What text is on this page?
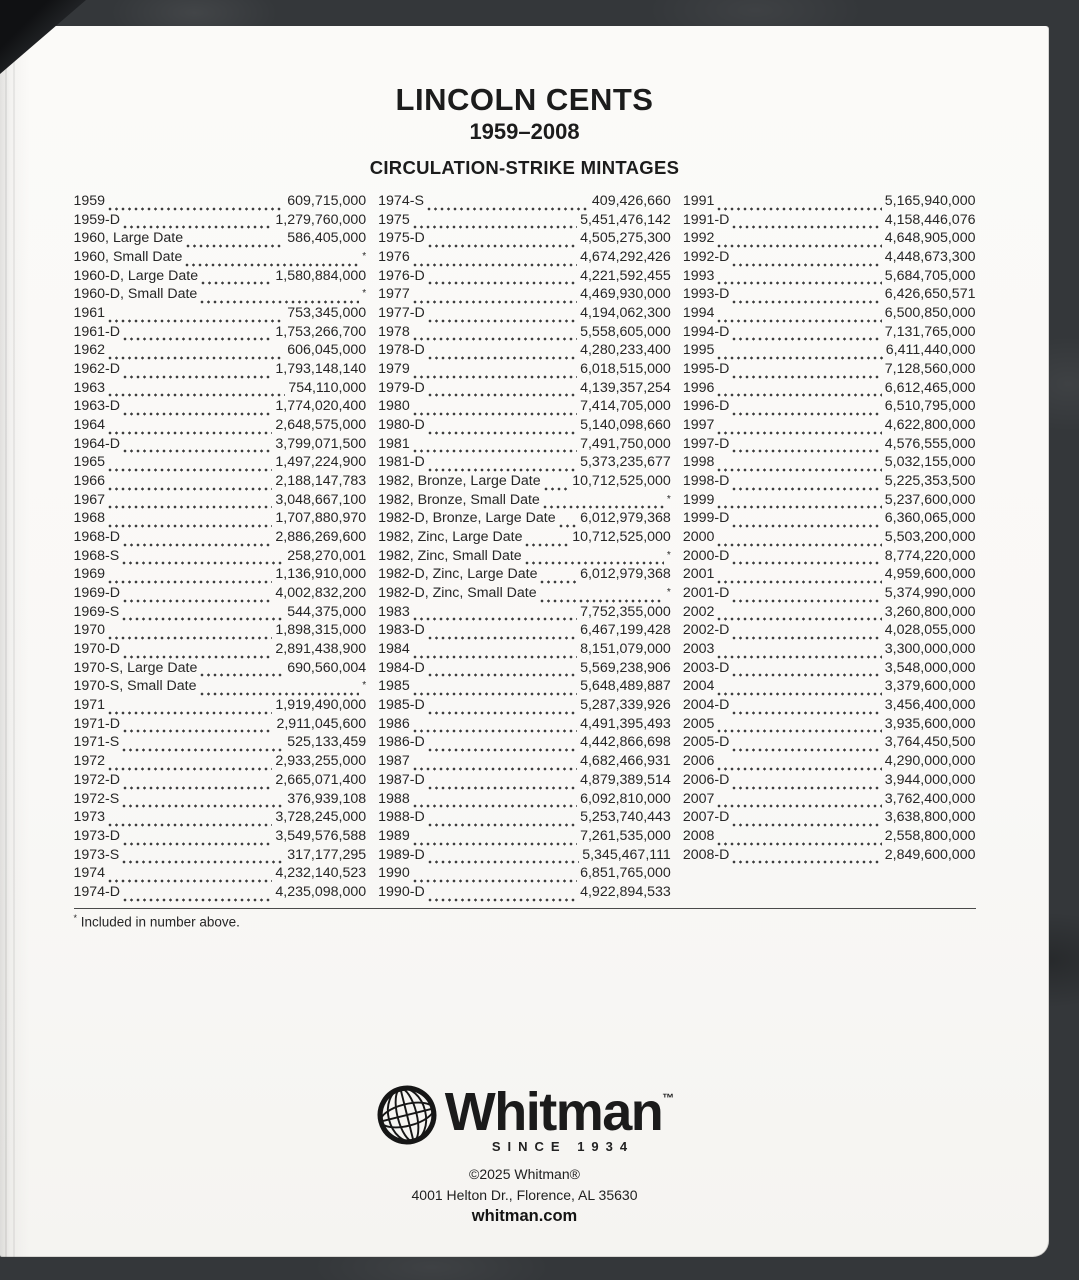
LINCOLN CENTS
1959–2008
CIRCULATION-STRIKE MINTAGES
1959	609,715,000
1959-D	1,279,760,000
1960, Large Date	586,405,000
1960, Small Date	*
1960-D, Large Date	1,580,884,000
1960-D, Small Date	*
1961	753,345,000
1961-D	1,753,266,700
1962	606,045,000
1962-D	1,793,148,140
1963	754,110,000
1963-D	1,774,020,400
1964	2,648,575,000
1964-D	3,799,071,500
1965	1,497,224,900
1966	2,188,147,783
1967	3,048,667,100
1968	1,707,880,970
1968-D	2,886,269,600
1968-S	258,270,001
1969	1,136,910,000
1969-D	4,002,832,200
1969-S	544,375,000
1970	1,898,315,000
1970-D	2,891,438,900
1970-S, Large Date	690,560,004
1970-S, Small Date	*
1971	1,919,490,000
1971-D	2,911,045,600
1971-S	525,133,459
1972	2,933,255,000
1972-D	2,665,071,400
1972-S	376,939,108
1973	3,728,245,000
1973-D	3,549,576,588
1973-S	317,177,295
1974	4,232,140,523
1974-D	4,235,098,000
1974-S	409,426,660
1975	5,451,476,142
1975-D	4,505,275,300
1976	4,674,292,426
1976-D	4,221,592,455
1977	4,469,930,000
1977-D	4,194,062,300
1978	5,558,605,000
1978-D	4,280,233,400
1979	6,018,515,000
1979-D	4,139,357,254
1980	7,414,705,000
1980-D	5,140,098,660
1981	7,491,750,000
1981-D	5,373,235,677
1982, Bronze, Large Date 10,712,525,000
1982, Bronze, Small Date	*
1982-D, Bronze, Large Date 6,012,979,368
1982, Zinc, Large Date	10,712,525,000
1982, Zinc, Small Date	*
1982-D, Zinc, Large Date	6,012,979,368
1982-D, Zinc, Small Date	*
1983	7,752,355,000
1983-D	6,467,199,428
1984	8,151,079,000
1984-D	5,569,238,906
1985	5,648,489,887
1985-D	5,287,339,926
1986	4,491,395,493
1986-D	4,442,866,698
1987	4,682,466,931
1987-D	4,879,389,514
1988	6,092,810,000
1988-D	5,253,740,443
1989	7,261,535,000
1989-D	5,345,467,111
1990	6,851,765,000
1990-D	4,922,894,533
1991	5,165,940,000
1991-D	4,158,446,076
1992	4,648,905,000
1992-D	4,448,673,300
1993	5,684,705,000
1993-D	6,426,650,571
1994	6,500,850,000
1994-D	7,131,765,000
1995	6,411,440,000
1995-D	7,128,560,000
1996	6,612,465,000
1996-D	6,510,795,000
1997	4,622,800,000
1997-D	4,576,555,000
1998	5,032,155,000
1998-D	5,225,353,500
1999	5,237,600,000
1999-D	6,360,065,000
2000	5,503,200,000
2000-D	8,774,220,000
2001	4,959,600,000
2001-D	5,374,990,000
2002	3,260,800,000
2002-D	4,028,055,000
2003	3,300,000,000
2003-D	3,548,000,000
2004	3,379,600,000
2004-D	3,456,400,000
2005	3,935,600,000
2005-D	3,764,450,500
2006	4,290,000,000
2006-D	3,944,000,000
2007	3,762,400,000
2007-D	3,638,800,000
2008	2,558,800,000
2008-D	2,849,600,000
* Included in number above.
Whitman™
SINCE 1934
©2025 Whitman®
4001 Helton Dr., Florence, AL 35630
whitman.com
